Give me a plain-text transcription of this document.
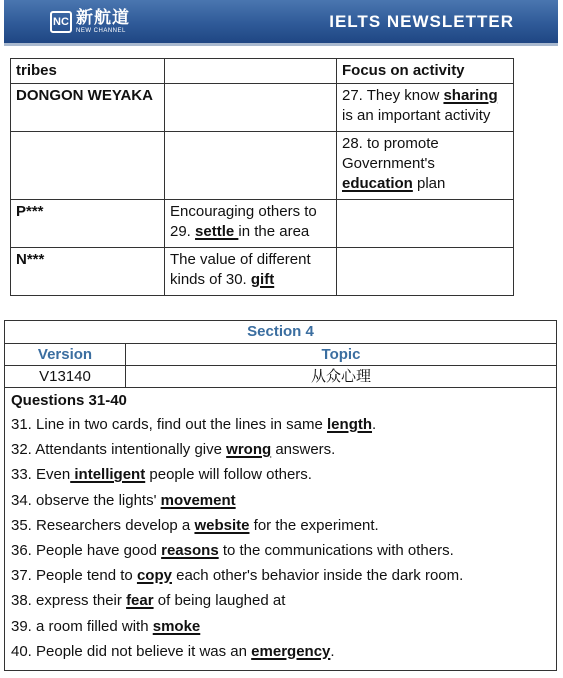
NC 新航道
NEW CHANNEL
IELTS NEWSLETTER
tribes		Focus on activity	
DONGON WEYAKA		27. They know sharing is an important activity	
		28. to promote Government's education plan	
P***	Encouraging others to 29. settle in the area		
N***	The value of different kinds of 30. gift		
Section 4
Version	Topic
V13140	从众心理
Questions 31-40
31. Line in two cards, find out the lines in same length.
32. Attendants intentionally give wrong answers.
33. Even intelligent people will follow others.
34. observe the lights' movement
35. Researchers develop a website for the experiment.
36. People have good reasons to the communications with others.
37. People tend to copy each other's behavior inside the dark room.
38. express their fear of being laughed at
39. a room filled with smoke
40. People did not believe it was an emergency.
